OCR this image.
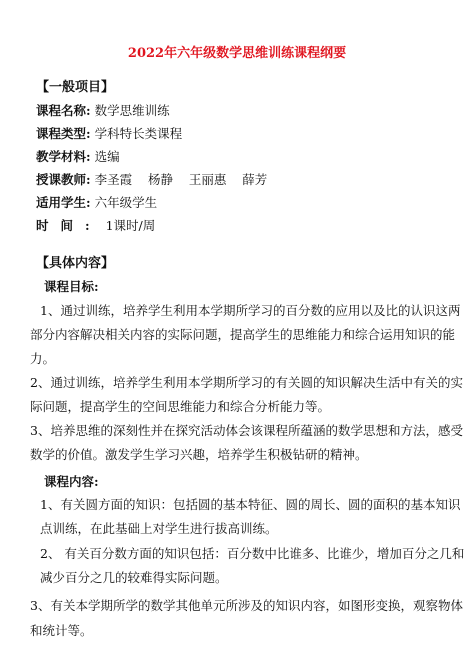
2022年六年级数学思维训练课程纲要
【一般项目】
课程名称: 数学思维训练
课程类型: 学科特长类课程
教学材料: 选编
授课教师: 李圣霞    杨静    王丽惠    薛芳
适用学生: 六年级学生
时间: 1课时/周
【具体内容】
课程目标:
1、通过训练，培养学生利用本学期所学习的百分数的应用以及比的认识这两
部分内容解决相关内容的实际问题，提高学生的思维能力和综合运用知识的能
力。
2、通过训练，培养学生利用本学期所学习的有关圆的知识解决生活中有关的实
际问题，提高学生的空间思维能力和综合分析能力等。
3、培养思维的深刻性并在探究活动体会该课程所蕴涵的数学思想和方法，感受
数学的价值。激发学生学习兴趣，培养学生积极钻研的精神。
课程内容:
1、有关圆方面的知识：包括圆的基本特征、圆的周长、圆的面积的基本知识
点训练，在此基础上对学生进行拔高训练。
2、 有关百分数方面的知识包括：百分数中比谁多、比谁少，增加百分之几和
减少百分之几的较难得实际问题。
3、有关本学期所学的数学其他单元所涉及的知识内容，如图形变换，观察物体
和统计等。
